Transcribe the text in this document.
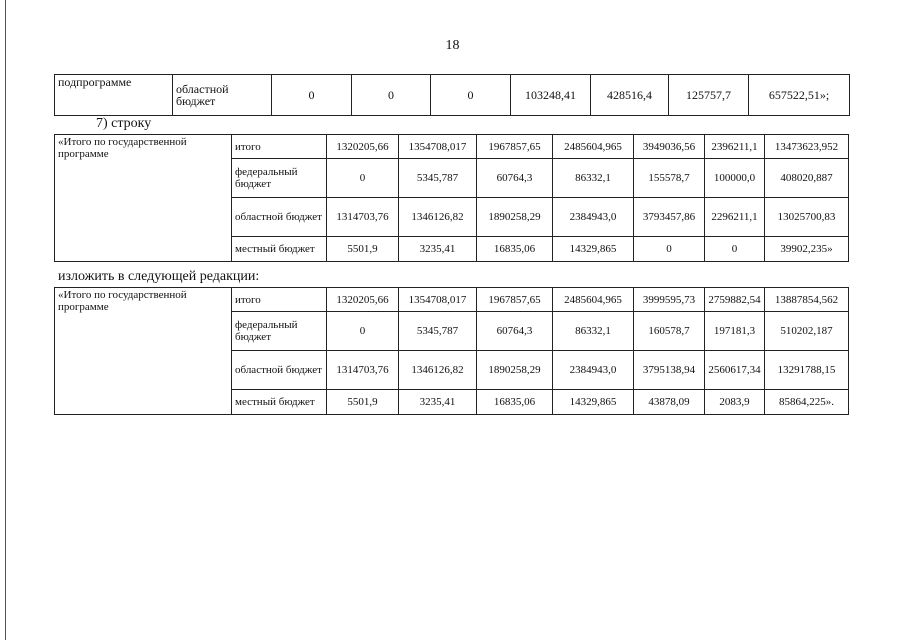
18
подпрограмме	областной бюджет	0	0	0	103248,41	428516,4	125757,7	657522,51»;
7) строку
«Итого по государственной программе	итого	1320205,66	1354708,017	1967857,65	2485604,965	3949036,56	2396211,1	13473623,952
	федеральный бюджет	0	5345,787	60764,3	86332,1	155578,7	100000,0	408020,887
	областной бюджет	1314703,76	1346126,82	1890258,29	2384943,0	3793457,86	2296211,1	13025700,83
	местный бюджет	5501,9	3235,41	16835,06	14329,865	0	0	39902,235»
изложить в следующей редакции:
«Итого по государственной программе	итого	1320205,66	1354708,017	1967857,65	2485604,965	3999595,73	2759882,54	13887854,562
	федеральный бюджет	0	5345,787	60764,3	86332,1	160578,7	197181,3	510202,187
	областной бюджет	1314703,76	1346126,82	1890258,29	2384943,0	3795138,94	2560617,34	13291788,15
	местный бюджет	5501,9	3235,41	16835,06	14329,865	43878,09	2083,9	85864,225».
